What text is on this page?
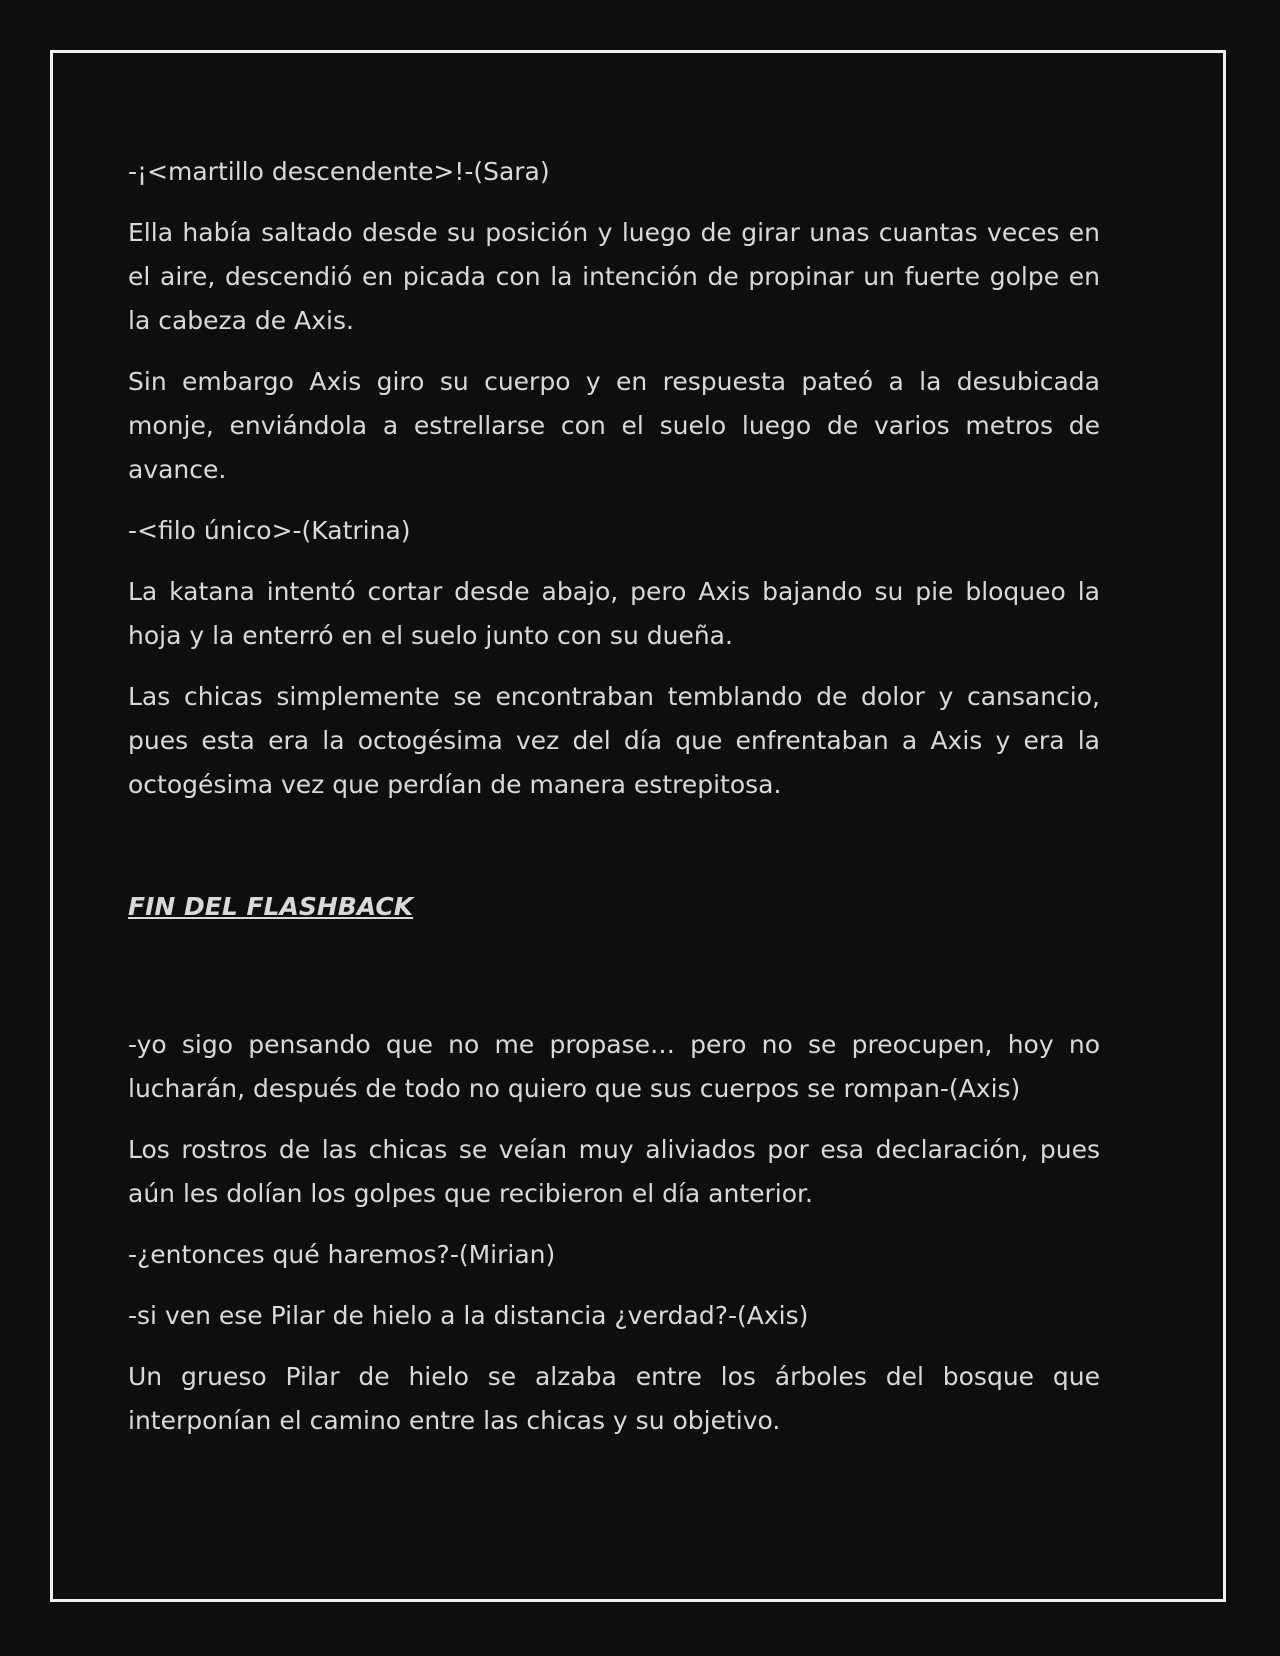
-¡<martillo descendente>!-(Sara)

Ella había saltado desde su posición y luego de girar unas cuantas veces en el aire, descendió en picada con la intención de propinar un fuerte golpe en la cabeza de Axis.

Sin embargo Axis giro su cuerpo y en respuesta pateó a la desubicada monje, enviándola a estrellarse con el suelo luego de varios metros de avance.

-<filo único>-(Katrina)

La katana intentó cortar desde abajo, pero Axis bajando su pie bloqueo la hoja y la enterró en el suelo junto con su dueña.

Las chicas simplemente se encontraban temblando de dolor y cansancio, pues esta era la octogésima vez del día que enfrentaban a Axis y era la octogésima vez que perdían de manera estrepitosa.

FIN DEL FLASHBACK

-yo sigo pensando que no me propase… pero no se preocupen, hoy no lucharán, después de todo no quiero que sus cuerpos se rompan-(Axis)

Los rostros de las chicas se veían muy aliviados por esa declaración, pues aún les dolían los golpes que recibieron el día anterior.

-¿entonces qué haremos?-(Mirian)

-si ven ese Pilar de hielo a la distancia ¿verdad?-(Axis)

Un grueso Pilar de hielo se alzaba entre los árboles del bosque que interponían el camino entre las chicas y su objetivo.
